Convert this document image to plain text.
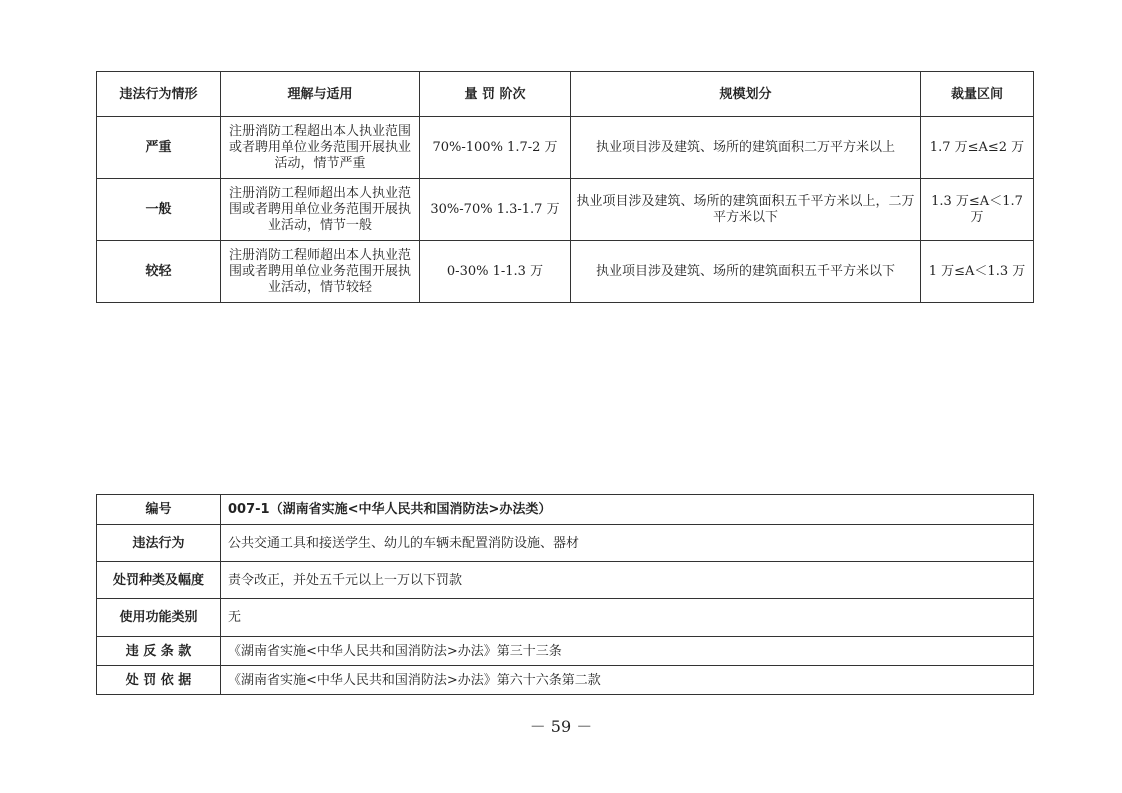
违法行为情形	理解与适用	量 罚 阶次	规模划分	裁量区间
严重	注册消防工程超出本人执业范围或者聘用单位业务范围开展执业活动，情节严重	70%-100% 1.7-2 万	执业项目涉及建筑、场所的建筑面积二万平方米以上	1.7 万≤A≤2 万
一般	注册消防工程师超出本人执业范围或者聘用单位业务范围开展执业活动，情节一般	30%-70% 1.3-1.7 万	执业项目涉及建筑、场所的建筑面积五千平方米以上，二万平方米以下	1.3 万≤A＜1.7 万
较轻	注册消防工程师超出本人执业范围或者聘用单位业务范围开展执业活动，情节较轻	0-30% 1-1.3 万	执业项目涉及建筑、场所的建筑面积五千平方米以下	1 万≤A＜1.3 万
编号	007-1（湖南省实施<中华人民共和国消防法>办法类）
违法行为	公共交通工具和接送学生、幼儿的车辆未配置消防设施、器材
处罚种类及幅度	责令改正，并处五千元以上一万以下罚款
使用功能类别	无
违 反 条 款	《湖南省实施<中华人民共和国消防法>办法》第三十三条
处 罚 依 据	《湖南省实施<中华人民共和国消防法>办法》第六十六条第二款
－ 59 －
